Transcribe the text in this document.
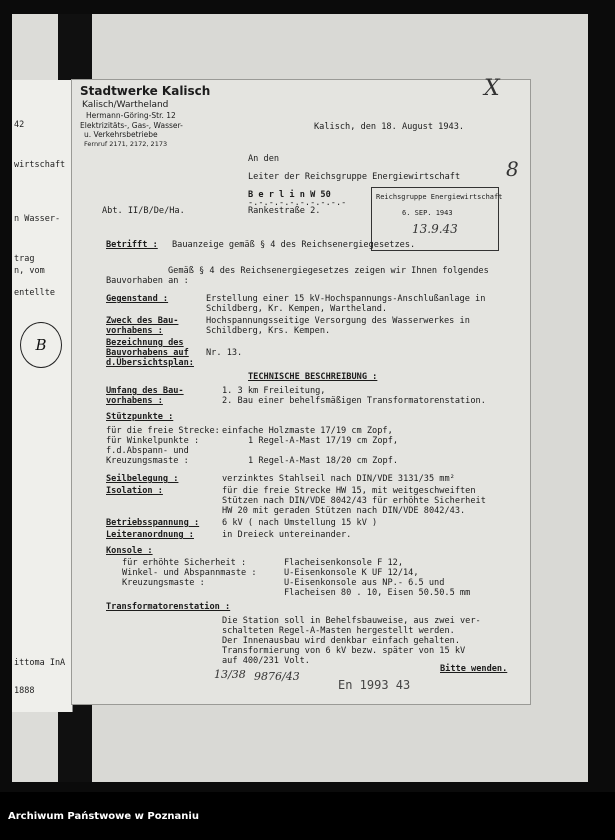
42
wirtschaft
n Wasser-
trag
n, vom
entellte
ittoma InA
1888
B
Stadtwerke Kalisch
Kalisch/Wartheland
Hermann-Göring-Str. 12
Elektrizitäts-, Gas-, Wasser-
u. Verkehrsbetriebe
Fernruf 2171, 2172, 2173
X
8
Kalisch, den 18. August 1943.
An den
Leiter der Reichsgruppe Energiewirtschaft
B e r l i n W 50
-.-.-.-.-.-.-.-.-.-
Rankestraße 2.
Abt. II/B/De/Ha.
Reichsgruppe Energiewirtschaft
6. SEP. 1943
13.9.43
Betrifft : Bauanzeige gemäß § 4 des Reichsenergiegesetzes.
Gemäß § 4 des Reichsenergiegesetzes zeigen wir Ihnen folgendes
Bauvorhaben an :
Gegenstand :	Erstellung einer 15 kV-Hochspannungs-Anschlußanlage in
Schildberg, Kr. Kempen, Wartheland.
Zweck des Bau-
vorhabens :
Hochspannungsseitige Versorgung des Wasserwerkes in
Schildberg, Krs. Kempen.
Bezeichnung des
Bauvorhabens auf
d.Übersichtsplan:
Nr. 13.
TECHNISCHE BESCHREIBUNG :
Umfang des Bau-
vorhabens :
1. 3 km Freileitung,
2. Bau einer behelfsmäßigen Transformatorenstation.
Stützpunkte :
für die freie Strecke: einfache Holzmaste 17/19 cm Zopf,
für Winkelpunkte :	1 Regel-A-Mast 17/19 cm Zopf,
f.d.Abspann- und
Kreuzungsmaste :	1 Regel-A-Mast 18/20 cm Zopf.
Seilbelegung :	verzinktes Stahlseil nach DIN/VDE 3131/35 mm²
Isolation :	für die freie Strecke HW 15, mit weitgeschweiften
Stützen nach DIN/VDE 8042/43 für erhöhte Sicherheit
HW 20 mit geraden Stützen nach DIN/VDE 8042/43.
Betriebsspannung :	6 kV ( nach Umstellung 15 kV )
Leiteranordnung :	in Dreieck untereinander.
Konsole :
für erhöhte Sicherheit :	Flacheisenkonsole F 12,
Winkel- und Abspannmaste :	U-Eisenkonsole K UF 12/14,
Kreuzungsmaste :	U-Eisenkonsole aus NP.- 6.5 und
Flacheisen 80 . 10, Eisen 50.50.5 mm
Transformatorenstation :
Die Station soll in Behelfsbauweise, aus zwei ver-
schalteten Regel-A-Masten hergestellt werden.
Der Innenausbau wird denkbar einfach gehalten.
Transformierung von 6 kV bezw. später von 15 kV
auf 400/231 Volt.
Bitte wenden.
13/38 9876/43
En 1993 43
Archiwum Państwowe w Poznaniu
